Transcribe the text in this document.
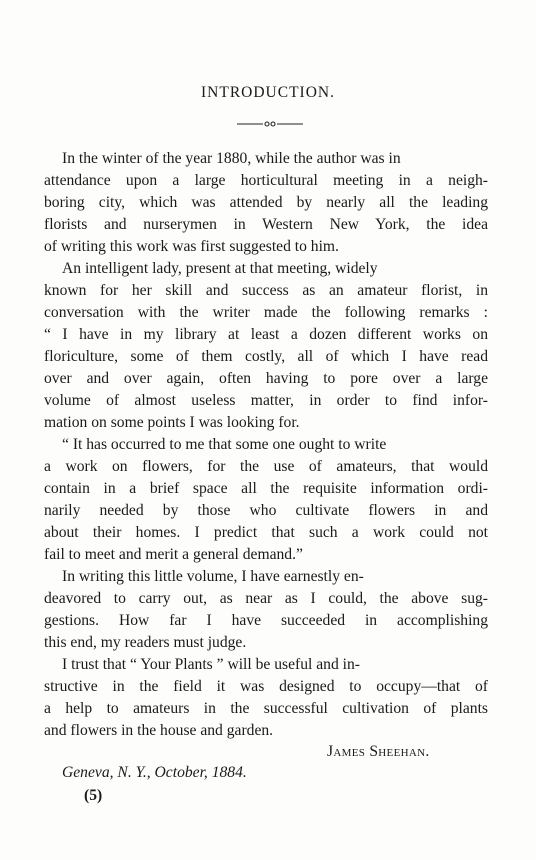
INTRODUCTION.
In the winter of the year 1880, while the author was in
attendance upon a large horticultural meeting in a neigh-
boring city, which was attended by nearly all the leading
florists and nurserymen in Western New York, the idea
of writing this work was first suggested to him.
An intelligent lady, present at that meeting, widely
known for her skill and success as an amateur florist, in
conversation with the writer made the following remarks :
“ I have in my library at least a dozen different works on
floriculture, some of them costly, all of which I have read
over and over again, often having to pore over a large
volume of almost useless matter, in order to find infor-
mation on some points I was looking for.
“ It has occurred to me that some one ought to write
a work on flowers, for the use of amateurs, that would
contain in a brief space all the requisite information ordi-
narily needed by those who cultivate flowers in and
about their homes. I predict that such a work could not
fail to meet and merit a general demand.”
In writing this little volume, I have earnestly en-
deavored to carry out, as near as I could, the above sug-
gestions. How far I have succeeded in accomplishing
this end, my readers must judge.
I trust that “ Your Plants ” will be useful and in-
structive in the field it was designed to occupy—that of
a help to amateurs in the successful cultivation of plants
and flowers in the house and garden.
James Sheehan.
Geneva, N. Y., October, 1884.
(5)
